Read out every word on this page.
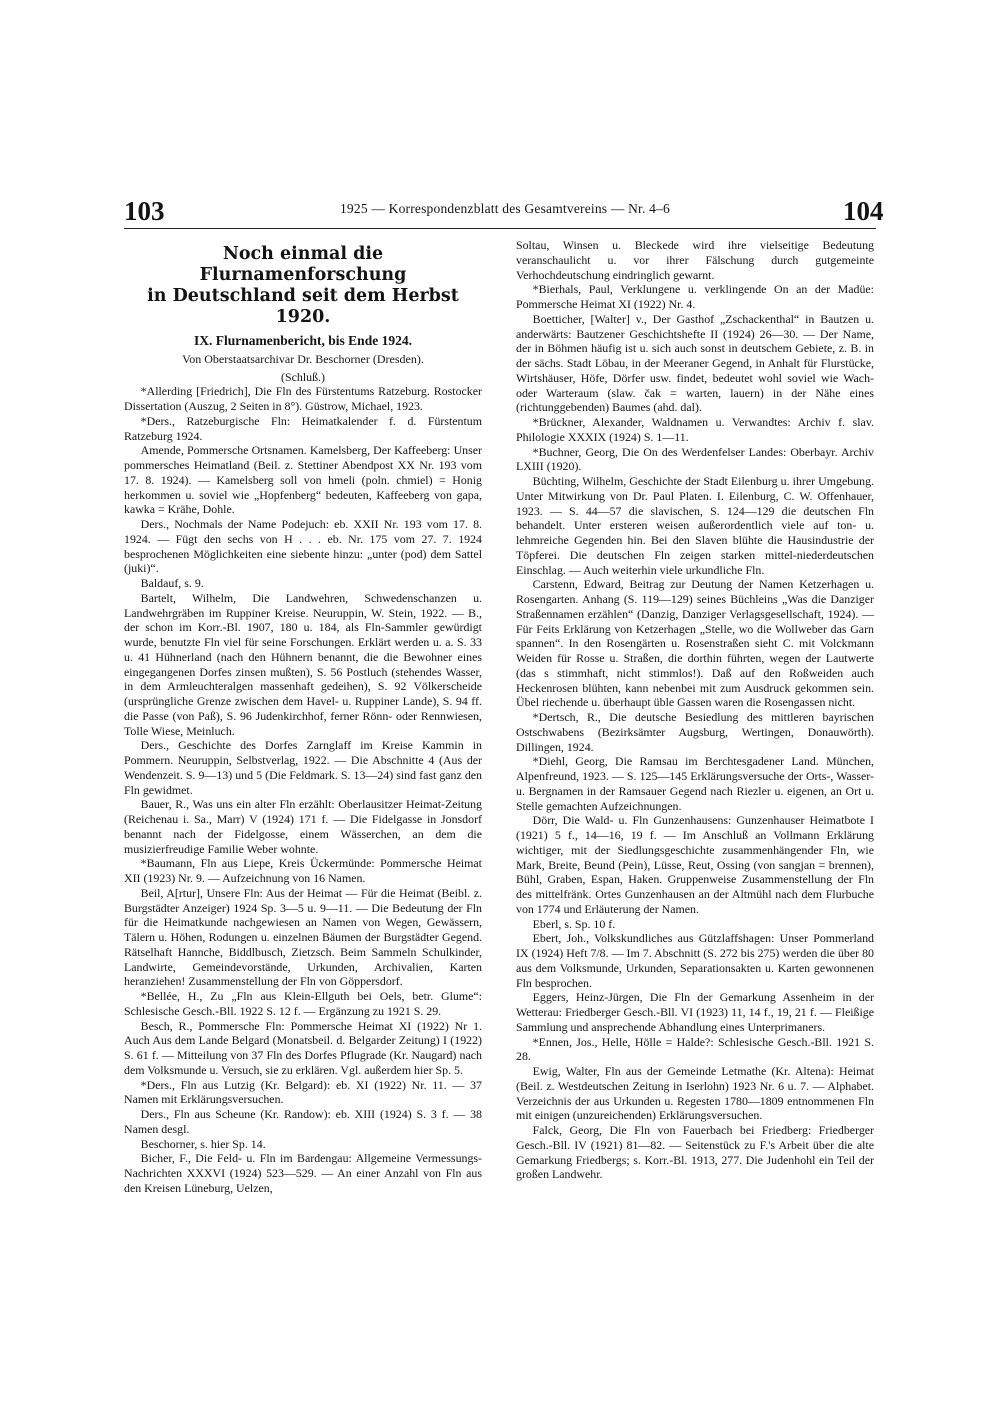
103	1925 — Korrespondenzblatt des Gesamtvereins — Nr. 4–6	104

Noch einmal die Flurnamenforschung

in Deutschland seit dem Herbst 1920.

IX. Flurnamenbericht, bis Ende 1924.

Von Oberstaatsarchivar Dr. Beschorner (Dresden).

(Schluß.)

*Allerding [Friedrich], Die Fln des Fürstentums Ratzeburg. Rostocker Dissertation (Auszug, 2 Seiten in 8°). Güstrow, Michael, 1923.

*Ders., Ratzeburgische Fln: Heimatkalender f. d. Fürstentum Ratzeburg 1924.

Amende, Pommersche Ortsnamen. Kamelsberg, Der Kaffeeberg: Unser pommersches Heimatland (Beil. z. Stettiner Abendpost XX Nr. 193 vom 17. 8. 1924). — Kamelsberg soll von hmeli (poln. chmiel) = Honig herkommen u. soviel wie „Hopfenberg“ bedeuten, Kaffeeberg von gapa, kawka = Krähe, Dohle.

Ders., Nochmals der Name Podejuch: eb. XXII Nr. 193 vom 17. 8. 1924. — Fügt den sechs von H . . . eb. Nr. 175 vom 27. 7. 1924 besprochenen Möglichkeiten eine siebente hinzu: „unter (pod) dem Sattel (juki)“.

Baldauf, s. 9.

Bartelt, Wilhelm, Die Landwehren, Schwedenschanzen u. Landwehrgräben im Ruppiner Kreise. Neuruppin, W. Stein, 1922. — B., der schon im Korr.-Bl. 1907, 180 u. 184, als Fln-Sammler gewürdigt wurde, benutzte Fln viel für seine Forschungen. Erklärt werden u. a. S. 33 u. 41 Hühnerland (nach den Hühnern benannt, die die Bewohner eines eingegangenen Dorfes zinsen mußten), S. 56 Postluch (stehendes Wasser, in dem Armleuchteralgen massenhaft gedeihen), S. 92 Völkerscheide (ursprüngliche Grenze zwischen dem Havel- u. Ruppiner Lande), S. 94 ff. die Passe (von Paß), S. 96 Judenkirchhof, ferner Rönn- oder Rennwiesen, Tolle Wiese, Meinluch.

Ders., Geschichte des Dorfes Zarnglaff im Kreise Kammin in Pommern. Neuruppin, Selbstverlag, 1922. — Die Abschnitte 4 (Aus der Wendenzeit. S. 9—13) und 5 (Die Feldmark. S. 13—24) sind fast ganz den Fln gewidmet.

Bauer, R., Was uns ein alter Fln erzählt: Oberlausitzer Heimat-Zeitung (Reichenau i. Sa., Marr) V (1924) 171 f. — Die Fidelgasse in Jonsdorf benannt nach der Fidelgosse, einem Wässerchen, an dem die musizierfreudige Familie Weber wohnte.

*Baumann, Fln aus Liepe, Kreis Ückermünde: Pommersche Heimat XII (1923) Nr. 9. — Aufzeichnung von 16 Namen.

Beil, A[rtur], Unsere Fln: Aus der Heimat — Für die Heimat (Beibl. z. Burgstädter Anzeiger) 1924 Sp. 3—5 u. 9—11. — Die Bedeutung der Fln für die Heimatkunde nachgewiesen an Namen von Wegen, Gewässern, Tälern u. Höhen, Rodungen u. einzelnen Bäumen der Burgstädter Gegend. Rätselhaft Hannche, Biddlbusch, Zietzsch. Beim Sammeln Schulkinder, Landwirte, Gemeindevorstände, Urkunden, Archivalien, Karten heranziehen! Zusammenstellung der Fln von Göppersdorf.

*Bellée, H., Zu „Fln aus Klein-Ellguth bei Oels, betr. Glume“: Schlesische Gesch.-Bll. 1922 S. 12 f. — Ergänzung zu 1921 S. 29.

Besch, R., Pommersche Fln: Pommersche Heimat XI (1922) Nr 1. Auch Aus dem Lande Belgard (Monatsbeil. d. Belgarder Zeitung) I (1922) S. 61 f. — Mitteilung von 37 Fln des Dorfes Pflugrade (Kr. Naugard) nach dem Volksmunde u. Versuch, sie zu erklären. Vgl. außerdem hier Sp. 5.

*Ders., Fln aus Lutzig (Kr. Belgard): eb. XI (1922) Nr. 11. — 37 Namen mit Erklärungsversuchen.

Ders., Fln aus Scheune (Kr. Randow): eb. XIII (1924) S. 3 f. — 38 Namen desgl.

Beschorner, s. hier Sp. 14.

Bicher, F., Die Feld- u. Fln im Bardengau: Allgemeine Vermessungs-Nachrichten XXXVI (1924) 523—529. — An einer Anzahl von Fln aus den Kreisen Lüneburg, Uelzen,

Soltau, Winsen u. Bleckede wird ihre vielseitige Bedeutung veranschaulicht u. vor ihrer Fälschung durch gutgemeinte Verhochdeutschung eindringlich gewarnt.

*Bierhals, Paul, Verklungene u. verklingende On an der Madüe: Pommersche Heimat XI (1922) Nr. 4.

Boetticher, [Walter] v., Der Gasthof „Zschackenthal“ in Bautzen u. anderwärts: Bautzener Geschichtshefte II (1924) 26—30. — Der Name, der in Böhmen häufig ist u. sich auch sonst in deutschem Gebiete, z. B. in der sächs. Stadt Löbau, in der Meeraner Gegend, in Anhalt für Flurstücke, Wirtshäuser, Höfe, Dörfer usw. findet, bedeutet wohl soviel wie Wach- oder Warteraum (slaw. čak = warten, lauern) in der Nähe eines (richtunggebenden) Baumes (ahd. dal).

*Brückner, Alexander, Waldnamen u. Verwandtes: Archiv f. slav. Philologie XXXIX (1924) S. 1—11.

*Buchner, Georg, Die On des Werdenfelser Landes: Oberbayr. Archiv LXIII (1920).

Büchting, Wilhelm, Geschichte der Stadt Eilenburg u. ihrer Umgebung. Unter Mitwirkung von Dr. Paul Platen. I. Eilenburg, C. W. Offenhauer, 1923. — S. 44—57 die slavischen, S. 124—129 die deutschen Fln behandelt. Unter ersteren weisen außerordentlich viele auf ton- u. lehmreiche Gegenden hin. Bei den Slaven blühte die Hausindustrie der Töpferei. Die deutschen Fln zeigen starken mittel-niederdeutschen Einschlag. — Auch weiterhin viele urkundliche Fln.

Carstenn, Edward, Beitrag zur Deutung der Namen Ketzerhagen u. Rosengarten. Anhang (S. 119—129) seines Büchleins „Was die Danziger Straßennamen erzählen“ (Danzig, Danziger Verlagsgesellschaft, 1924). — Für Feits Erklärung von Ketzerhagen „Stelle, wo die Wollweber das Garn spannen“. In den Rosengärten u. Rosenstraßen sieht C. mit Volckmann Weiden für Rosse u. Straßen, die dorthin führten, wegen der Lautwerte (das s stimmhaft, nicht stimmlos!). Daß auf den Roßweiden auch Heckenrosen blühten, kann nebenbei mit zum Ausdruck gekommen sein. Übel riechende u. überhaupt üble Gassen waren die Rosengassen nicht.

*Dertsch, R., Die deutsche Besiedlung des mittleren bayrischen Ostschwabens (Bezirksämter Augsburg, Wertingen, Donauwörth). Dillingen, 1924.

*Diehl, Georg, Die Ramsau im Berchtesgadener Land. München, Alpenfreund, 1923. — S. 125—145 Erklärungsversuche der Orts-, Wasser- u. Bergnamen in der Ramsauer Gegend nach Riezler u. eigenen, an Ort u. Stelle gemachten Aufzeichnungen.

Dörr, Die Wald- u. Fln Gunzenhausens: Gunzenhauser Heimatbote I (1921) 5 f., 14—16, 19 f. — Im Anschluß an Vollmann Erklärung wichtiger, mit der Siedlungsgeschichte zusammenhängender Fln, wie Mark, Breite, Beund (Pein), Lüsse, Reut, Ossing (von sangjan = brennen), Bühl, Graben, Espan, Haken. Gruppenweise Zusammenstellung der Fln des mittelfränk. Ortes Gunzenhausen an der Altmühl nach dem Flurbuche von 1774 und Erläuterung der Namen.

Eberl, s. Sp. 10 f.

Ebert, Joh., Volkskundliches aus Gützlaffshagen: Unser Pommerland IX (1924) Heft 7/8. — Im 7. Abschnitt (S. 272 bis 275) werden die über 80 aus dem Volksmunde, Urkunden, Separationsakten u. Karten gewonnenen Fln besprochen.

Eggers, Heinz-Jürgen, Die Fln der Gemarkung Assenheim in der Wetterau: Friedberger Gesch.-Bll. VI (1923) 11, 14 f., 19, 21 f. — Fleißige Sammlung und ansprechende Abhandlung eines Unterprimaners.

*Ennen, Jos., Helle, Hölle = Halde?: Schlesische Gesch.-Bll. 1921 S. 28.

Ewig, Walter, Fln aus der Gemeinde Letmathe (Kr. Altena): Heimat (Beil. z. Westdeutschen Zeitung in Iserlohn) 1923 Nr. 6 u. 7. — Alphabet. Verzeichnis der aus Urkunden u. Regesten 1780—1809 entnommenen Fln mit einigen (unzureichenden) Erklärungsversuchen.

Falck, Georg, Die Fln von Fauerbach bei Friedberg: Friedberger Gesch.-Bll. IV (1921) 81—82. — Seitenstück zu F.'s Arbeit über die alte Gemarkung Friedbergs; s. Korr.-Bl. 1913, 277. Die Judenhohl ein Teil der großen Landwehr.
